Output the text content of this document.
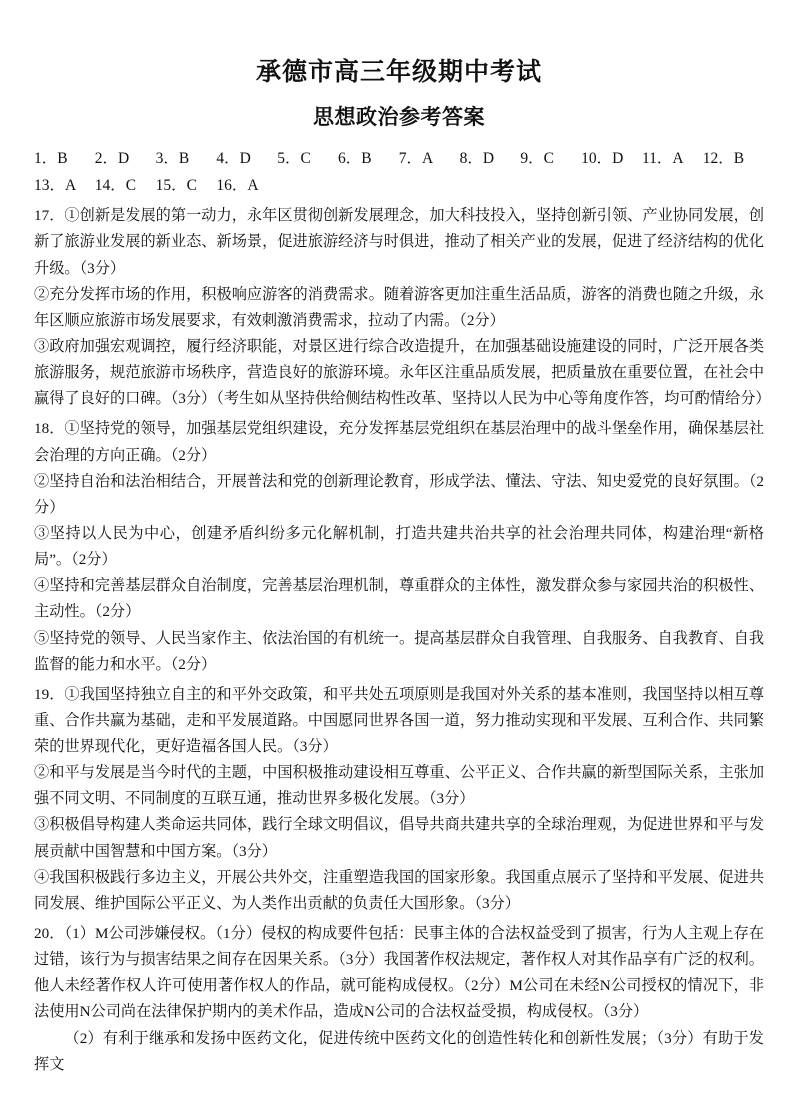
承德市高三年级期中考试
思想政治参考答案
1．B	2．D	3．B	4．D	5．C	6．B	7．A	8．D	9．C	10．D	11．A	12．B
13．A	14．C	15．C	16．A

17．①创新是发展的第一动力，永年区贯彻创新发展理念，加大科技投入，坚持创新引领、产业协同发展，创新了旅游业发展的新业态、新场景，促进旅游经济与时俱进，推动了相关产业的发展，促进了经济结构的优化升级。（3分）

②充分发挥市场的作用，积极响应游客的消费需求。随着游客更加注重生活品质，游客的消费也随之升级，永年区顺应旅游市场发展要求，有效刺激消费需求，拉动了内需。（2分）

③政府加强宏观调控，履行经济职能，对景区进行综合改造提升，在加强基础设施建设的同时，广泛开展各类旅游服务，规范旅游市场秩序，营造良好的旅游环境。永年区注重品质发展，把质量放在重要位置，在社会中赢得了良好的口碑。（3分）（考生如从坚持供给侧结构性改革、坚持以人民为中心等角度作答，均可酌情给分）

18．①坚持党的领导，加强基层党组织建设，充分发挥基层党组织在基层治理中的战斗堡垒作用，确保基层社会治理的方向正确。（2分）

②坚持自治和法治相结合，开展普法和党的创新理论教育，形成学法、懂法、守法、知史爱党的良好氛围。（2分）

③坚持以人民为中心，创建矛盾纠纷多元化解机制，打造共建共治共享的社会治理共同体，构建治理“新格局”。（2分）

④坚持和完善基层群众自治制度，完善基层治理机制，尊重群众的主体性，激发群众参与家园共治的积极性、主动性。（2分）

⑤坚持党的领导、人民当家作主、依法治国的有机统一。提高基层群众自我管理、自我服务、自我教育、自我监督的能力和水平。（2分）

19．①我国坚持独立自主的和平外交政策，和平共处五项原则是我国对外关系的基本准则，我国坚持以相互尊重、合作共赢为基础，走和平发展道路。中国愿同世界各国一道，努力推动实现和平发展、互利合作、共同繁荣的世界现代化，更好造福各国人民。（3分）

②和平与发展是当今时代的主题，中国积极推动建设相互尊重、公平正义、合作共赢的新型国际关系，主张加强不同文明、不同制度的互联互通，推动世界多极化发展。（3分）

③积极倡导构建人类命运共同体，践行全球文明倡议，倡导共商共建共享的全球治理观，为促进世界和平与发展贡献中国智慧和中国方案。（3分）

④我国积极践行多边主义，开展公共外交，注重塑造我国的国家形象。我国重点展示了坚持和平发展、促进共同发展、维护国际公平正义、为人类作出贡献的负责任大国形象。（3分）

20．（1）M公司涉嫌侵权。（1分）侵权的构成要件包括：民事主体的合法权益受到了损害，行为人主观上存在过错，该行为与损害结果之间存在因果关系。（3分）我国著作权法规定，著作权人对其作品享有广泛的权利。他人未经著作权人许可使用著作权人的作品，就可能构成侵权。（2分）M公司在未经N公司授权的情况下，非法使用N公司尚在法律保护期内的美术作品，造成N公司的合法权益受损，构成侵权。（3分）

（2）有利于继承和发扬中医药文化，促进传统中医药文化的创造性转化和创新性发展；（3分）有助于发挥文
